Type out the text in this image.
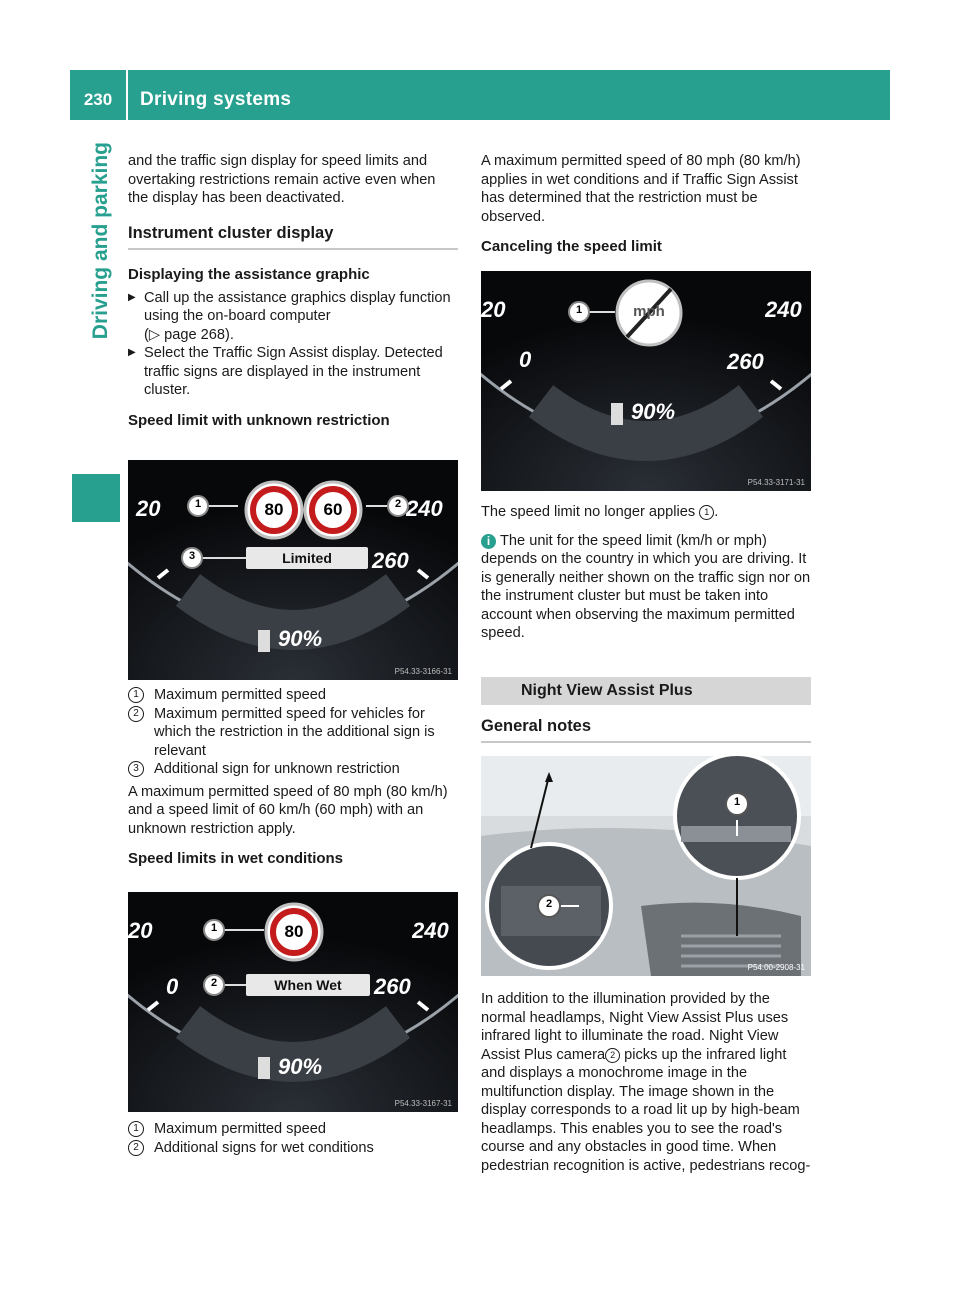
230	Driving systems
Driving and parking and the traffic sign display for speed limits and overtaking restrictions remain active even when the display has been deactivated.

Instrument cluster display
Displaying the assistance graphic
▶ Call up the assistance graphics display function using the on-board computer
(▷ page 268).
▶ Select the Traffic Sign Assist display. Detected traffic signs are displayed in the instrument cluster.
Speed limit with unknown restriction
20	240
260
80	60
Limited
1	2
3
90%
P54.33-3166-31
1	Maximum permitted speed
2	Maximum permitted speed for vehicles for which the restriction in the additional sign is relevant
3	Additional sign for unknown restriction

A maximum permitted speed of 80 mph (80 km/h) and a speed limit of 60 km/h (60 mph) with an unknown restriction apply.

Speed limits in wet conditions
20	240
0	260
80
When Wet
1
2
90%
P54.33-3167-31
1	Maximum permitted speed
2	Additional signs for wet conditions

A maximum permitted speed of 80 mph (80 km/h) applies in wet conditions and if Traffic Sign Assist has determined that the restriction must be observed.

Canceling the speed limit
20	240
0	260
mph
1
90%
P54.33-3171-31

The speed limit no longer applies 1 .

i The unit for the speed limit (km/h or mph) depends on the country in which you are driving. It is generally neither shown on the traffic sign nor on the instrument cluster but must be taken into account when observing the maximum permitted speed.
Night View Assist Plus
General notes
1
2
P54.00-2908-31

In addition to the illumination provided by the normal headlamps, Night View Assist Plus uses infrared light to illuminate the road. Night View Assist Plus camera 2 picks up the infrared light and displays a monochrome image in the multifunction display. The image shown in the display corresponds to a road lit up by high-beam headlamps. This enables you to see the road's course and any obstacles in good time. When pedestrian recognition is active, pedestrians recog-
